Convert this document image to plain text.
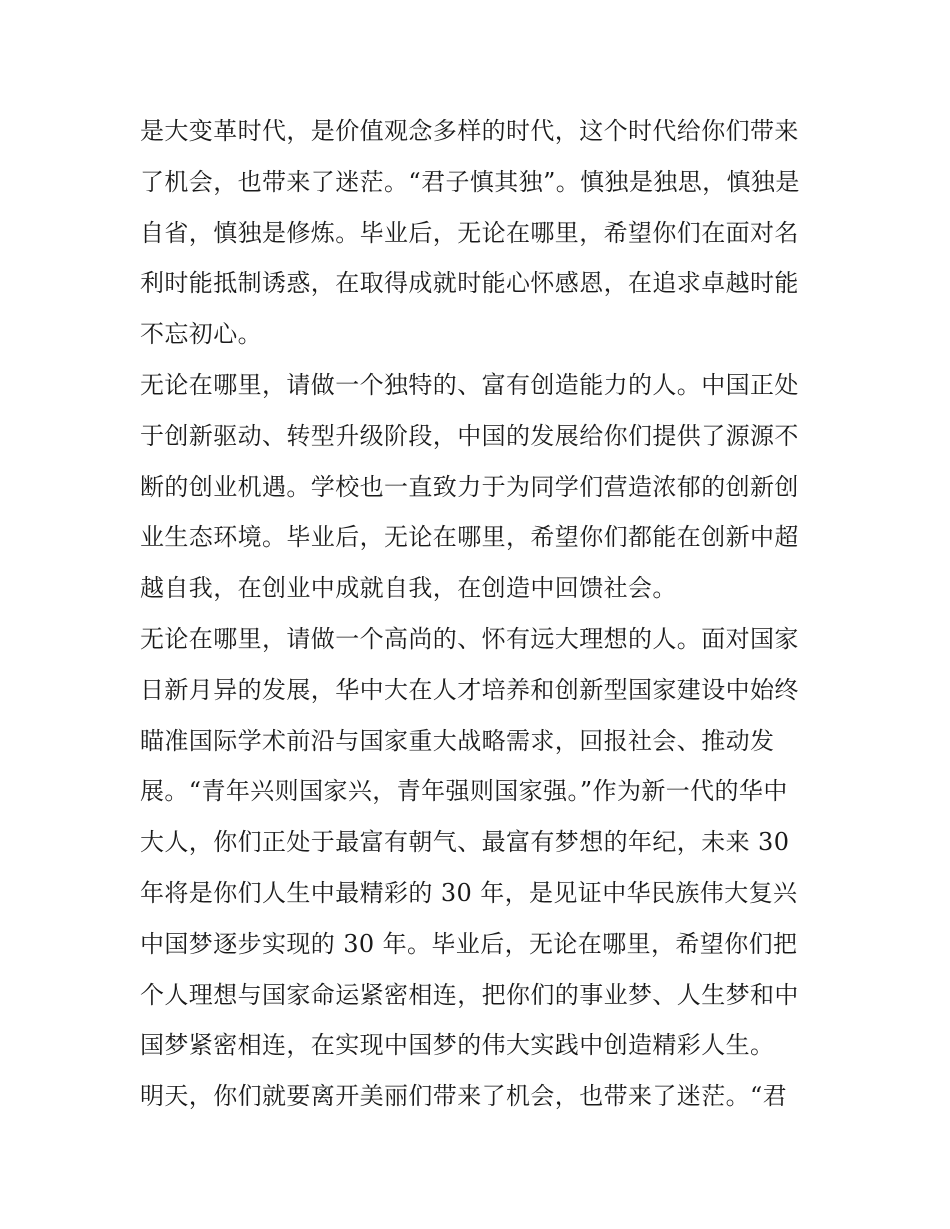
是大变革时代，是价值观念多样的时代，这个时代给你们带来
了机会，也带来了迷茫。“君子慎其独”。慎独是独思，慎独是
自省，慎独是修炼。毕业后，无论在哪里，希望你们在面对名
利时能抵制诱惑，在取得成就时能心怀感恩，在追求卓越时能
不忘初心。
无论在哪里，请做一个独特的、富有创造能力的人。中国正处
于创新驱动、转型升级阶段，中国的发展给你们提供了源源不
断的创业机遇。学校也一直致力于为同学们营造浓郁的创新创
业生态环境。毕业后，无论在哪里，希望你们都能在创新中超
越自我，在创业中成就自我，在创造中回馈社会。
无论在哪里，请做一个高尚的、怀有远大理想的人。面对国家
日新月异的发展，华中大在人才培养和创新型国家建设中始终
瞄准国际学术前沿与国家重大战略需求，回报社会、推动发
展。“青年兴则国家兴，青年强则国家强。”作为新一代的华中
大人，你们正处于最富有朝气、最富有梦想的年纪，未来 30
年将是你们人生中最精彩的 30 年，是见证中华民族伟大复兴
中国梦逐步实现的 30 年。毕业后，无论在哪里，希望你们把
个人理想与国家命运紧密相连，把你们的事业梦、人生梦和中
国梦紧密相连，在实现中国梦的伟大实践中创造精彩人生。
明天，你们就要离开美丽们带来了机会，也带来了迷茫。“君
